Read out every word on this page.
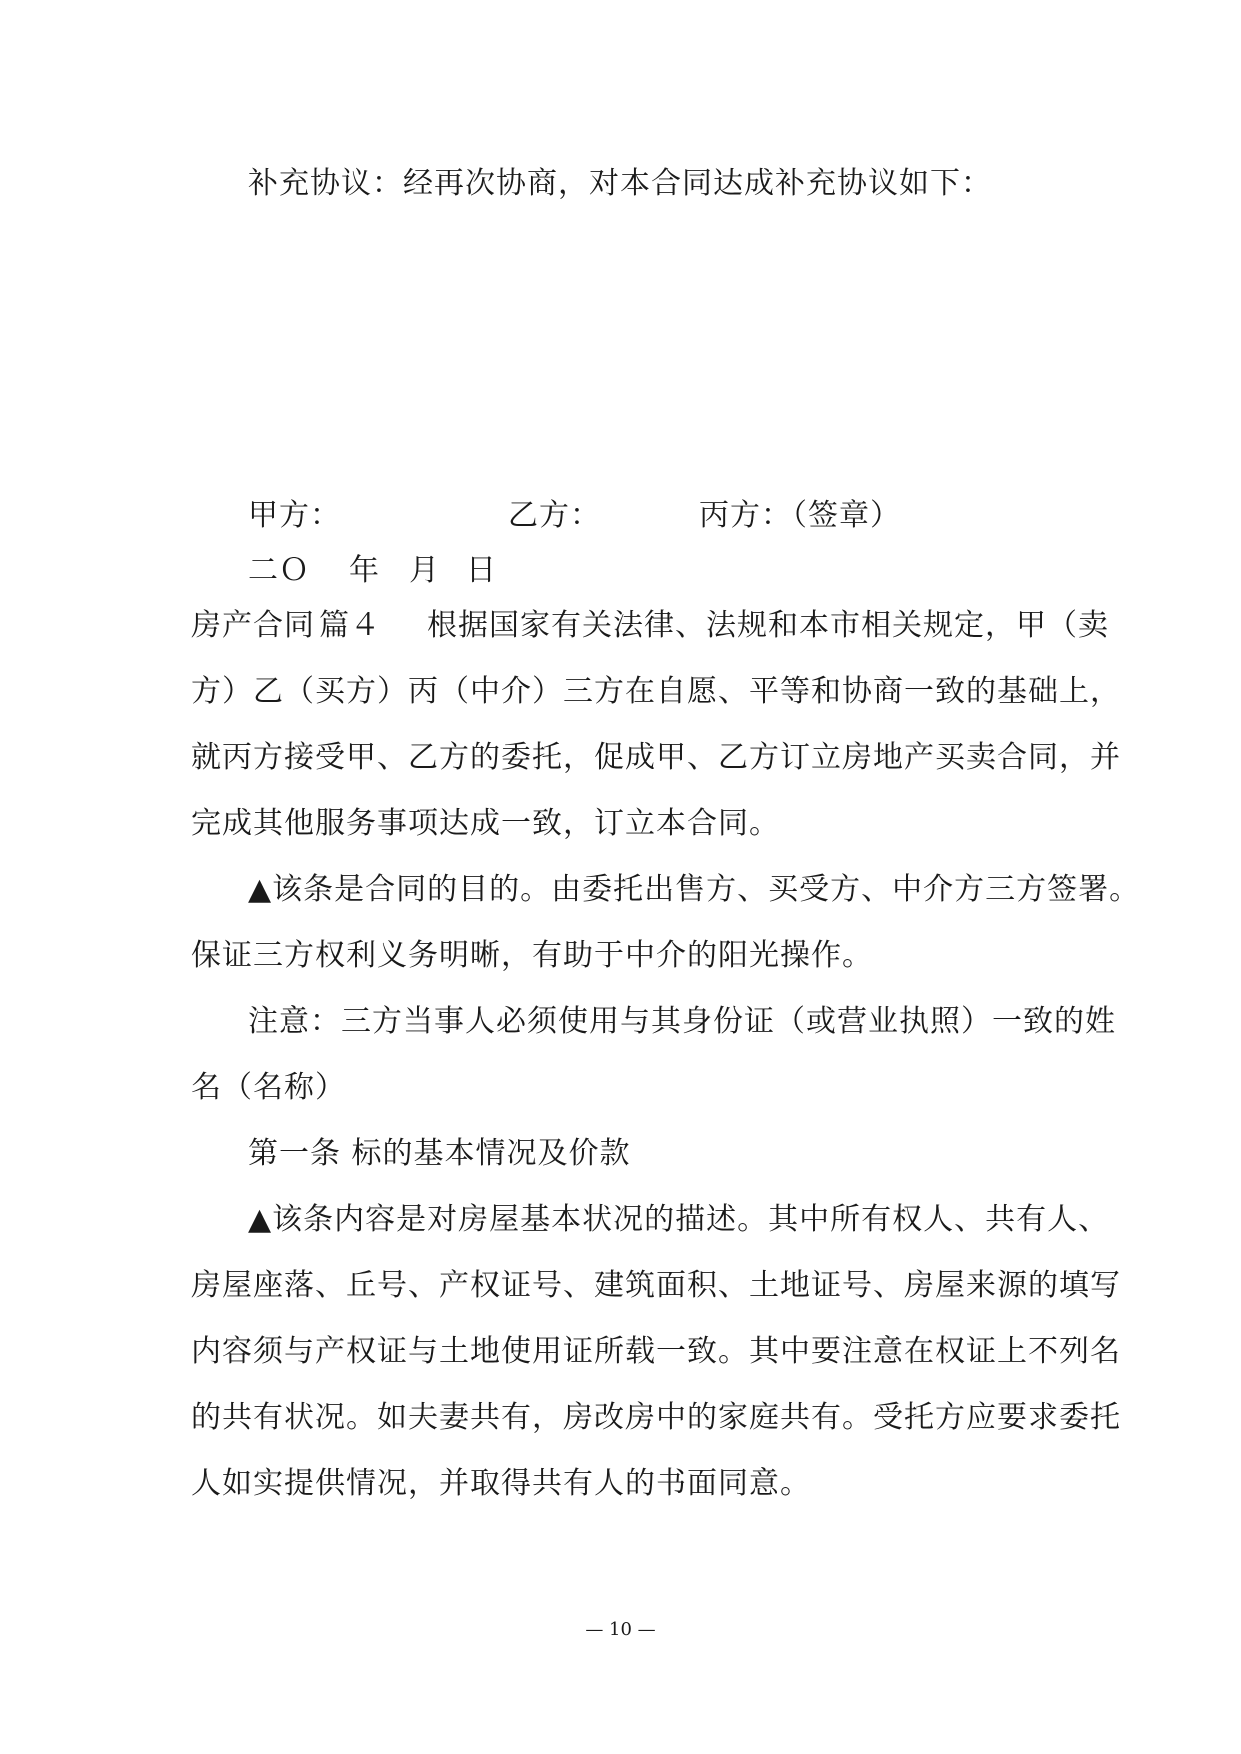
补充协议：经再次协商，对本合同达成补充协议如下：
甲方：	乙方：	丙方：（签章）
二Ｏ 年 月 日
房产合同 篇４ 根据国家有关法律、法规和本市相关规定，甲（卖
方）乙（买方）丙（中介）三方在自愿、平等和协商一致的基础上，
就丙方接受甲、乙方的委托，促成甲、乙方订立房地产买卖合同，并
完成其他服务事项达成一致，订立本合同。
▲该条是合同的目的。由委托出售方、买受方、中介方三方签署。
保证三方权利义务明晰，有助于中介的阳光操作。
注意：三方当事人必须使用与其身份证（或营业执照）一致的姓
名（名称）
第一条 标的基本情况及价款
▲该条内容是对房屋基本状况的描述。其中所有权人、共有人、
房屋座落、丘号、产权证号、建筑面积、土地证号、房屋来源的填写
内容须与产权证与土地使用证所载一致。其中要注意在权证上不列名
的共有状况。如夫妻共有，房改房中的家庭共有。受托方应要求委托
人如实提供情况，并取得共有人的书面同意。
— 10 —
